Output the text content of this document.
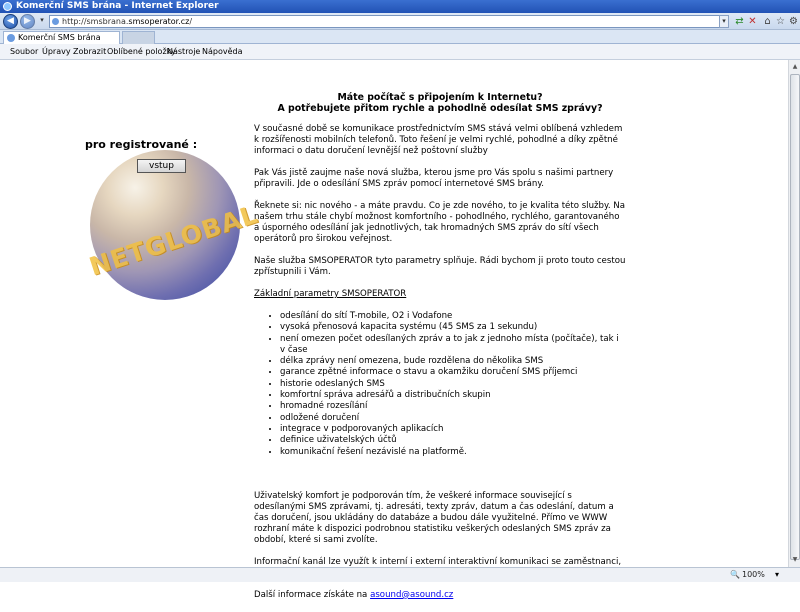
Komerční SMS brána - Internet Explorer
◀	▶	▾	http://smsbrana.smsoperator.cz/	▾ ⇄ ✕ ⌂ ☆ ⚙
Komerční SMS brána
Soubor Úpravy Zobrazit Oblíbené položky
Nástroje Nápověda
NETGLOBAL
pro registrované :
vstup
Máte počítač s připojením k Internetu?
A potřebujete přitom rychle a pohodlně odesílat SMS zprávy?

V současné době se komunikace prostřednictvím SMS stává velmi oblíbená vzhledem k rozšířenosti mobilních telefonů. Toto řešení je velmi rychlé, pohodlné a díky zpětné informaci o datu doručení levnější než poštovní služby

Pak Vás jistě zaujme naše nová služba, kterou jsme pro Vás spolu s našimi partnery připravili. Jde o odesílání SMS zpráv pomocí internetové SMS brány.

Řeknete si: nic nového - a máte pravdu. Co je zde nového, to je kvalita této služby. Na našem trhu stále chybí možnost komfortního - pohodlného, rychlého, garantovaného a úsporného odesílání jak jednotlivých, tak hromadných SMS zpráv do sítí všech operátorů pro širokou veřejnost.

Naše služba SMSOPERATOR tyto parametry splňuje. Rádi bychom ji proto touto cestou zpřístupnili i Vám.

Základní parametry SMSOPERATOR

• odesílání do sítí T-mobile, O2 i Vodafone
• vysoká přenosová kapacita systému (45 SMS za 1 sekundu)
• není omezen počet odesílaných zpráv a to jak z jednoho místa (počítače), tak i v čase
• délka zprávy není omezena, bude rozdělena do několika SMS
• garance zpětné informace o stavu a okamžiku doručení SMS příjemci
• historie odeslaných SMS
• komfortní správa adresářů a distribučních skupin
• hromadné rozesílání
• odložené doručení
• integrace v podporovaných aplikacích
• definice uživatelských účtů
• komunikační řešení nezávislé na platformě.

Uživatelský komfort je podporován tím, že veškeré informace související s odesílanými SMS zprávami, tj. adresáti, texty zpráv, datum a čas odeslání, datum a čas doručení, jsou ukládány do databáze a budou dále využitelné. Přímo ve WWW rozhraní máte k dispozici podrobnou statistiku veškerých odeslaných SMS zpráv za období, které si sami zvolíte.

Informační kanál lze využít k interní i externí interaktivní komunikaci se zaměstnanci,

Další informace získáte na asound@asound.cz

▲
▼
🔍 100% ▾
